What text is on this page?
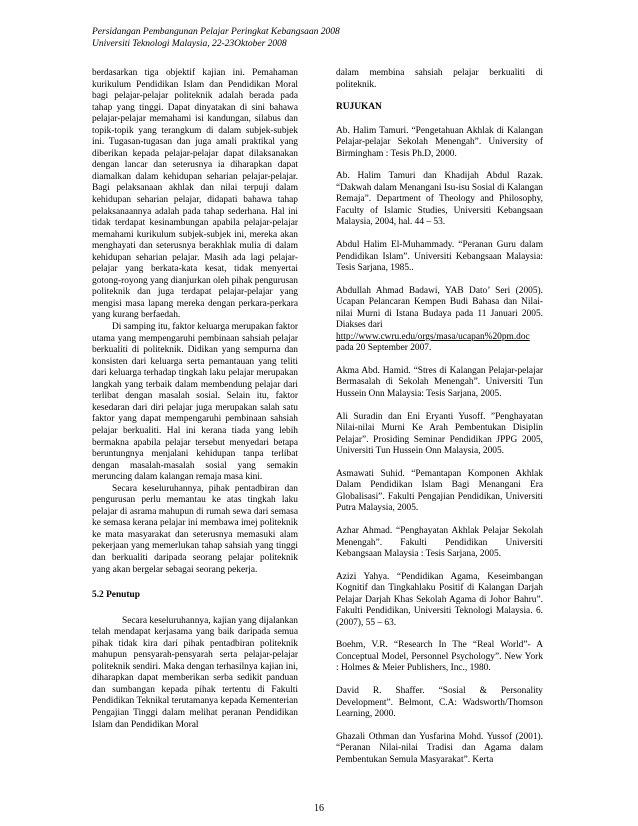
Persidangan Pembangunan Pelajar Peringkat Kebangsaan 2008
Universiti Teknologi Malaysia, 22-23Oktober 2008

berdasarkan tiga objektif kajian ini. Pemahaman kurikulum Pendidikan Islam dan Pendidikan Moral bagi pelajar-pelajar politeknik adalah berada pada tahap yang tinggi. Dapat dinyatakan di sini bahawa pelajar-pelajar memahami isi kandungan, silabus dan topik-topik yang terangkum di dalam subjek-subjek ini. Tugasan-tugasan dan juga amali praktikal yang diberikan kepada pelajar-pelajar dapat dilaksanakan dengan lancar dan seterusnya ia diharapkan dapat diamalkan dalam kehidupan seharian pelajar-pelajar. Bagi pelaksanaan akhlak dan nilai terpuji dalam kehidupan seharian pelajar, didapati bahawa tahap pelaksanaannya adalah pada tahap sederhana. Hal ini tidak terdapat kesinambungan apabila pelajar-pelajar memahami kurikulum subjek-subjek ini, mereka akan menghayati dan seterusnya berakhlak mulia di dalam kehidupan seharian pelajar. Masih ada lagi pelajar-pelajar yang berkata-kata kesat, tidak menyertai gotong-royong yang dianjurkan oleh pihak pengurusan politeknik dan juga terdapat pelajar-pelajar yang mengisi masa lapang mereka dengan perkara-perkara yang kurang berfaedah.

Di samping itu, faktor keluarga merupakan faktor utama yang mempengaruhi pembinaan sahsiah pelajar berkualiti di politeknik. Didikan yang sempurna dan konsisten dari keluarga serta pemantauan yang teliti dari keluarga terhadap tingkah laku pelajar merupakan langkah yang terbaik dalam membendung pelajar dari terlibat dengan masalah sosial. Selain itu, faktor kesedaran dari diri pelajar juga merupakan salah satu faktor yang dapat mempengaruhi pembinaan sahsiah pelajar berkualiti. Hal ini kerana tiada yang lebih bermakna apabila pelajar tersebut menyedari betapa beruntungnya menjalani kehidupan tanpa terlibat dengan masalah-masalah sosial yang semakin meruncing dalam kalangan remaja masa kini.

Secara keseluruhannya, pihak pentadbiran dan pengurusan perlu memantau ke atas tingkah laku pelajar di asrama mahupun di rumah sewa dari semasa ke semasa kerana pelajar ini membawa imej politeknik ke mata masyarakat dan seterusnya memasuki alam pekerjaan yang memerlukan tahap sahsiah yang tinggi dan berkualiti daripada seorang pelajar politeknik yang akan bergelar sebagai seorang pekerja.

5.2 Penutup

Secara keseluruhannya, kajian yang dijalankan telah mendapat kerjasama yang baik daripada semua pihak tidak kira dari pihak pentadbiran politeknik mahupun pensyarah-pensyarah serta pelajar-pelajar politeknik sendiri. Maka dengan terhasilnya kajian ini, diharapkan dapat memberikan serba sedikit panduan dan sumbangan kepada pihak tertentu di Fakulti Pendidikan Teknikal terutamanya kepada Kementerian Pengajian Tinggi dalam melihat peranan Pendidikan Islam dan Pendidikan Moral

dalam membina sahsiah pelajar berkualiti di politeknik.

RUJUKAN

Ab. Halim Tamuri. “Pengetahuan Akhlak di Kalangan Pelajar-pelajar Sekolah Menengah”. University of Birmingham : Tesis Ph.D, 2000.

Ab. Halim Tamuri dan Khadijah Abdul Razak. “Dakwah dalam Menangani Isu-isu Sosial di Kalangan Remaja”. Department of Theology and Philosophy, Faculty of Islamic Studies, Universiti Kebangsaan Malaysia, 2004, hal. 44 – 53.

Abdul Halim El-Muhammady. “Peranan Guru dalam Pendidikan Islam”. Universiti Kebangsaan Malaysia: Tesis Sarjana, 1985..

Abdullah Ahmad Badawi, YAB Dato’ Seri (2005). Ucapan Pelancaran Kempen Budi Bahasa dan Nilai-nilai Murni di Istana Budaya pada 11 Januari 2005. Diakses dari

http://www.cwru.edu/orgs/masa/ucapan%20pm.doc
pada 20 September 2007.

Akma Abd. Hamid. “Stres di Kalangan Pelajar-pelajar Bermasalah di Sekolah Menengah”. Universiti Tun Hussein Onn Malaysia: Tesis Sarjana, 2005.

Ali Suradin dan Eni Eryanti Yusoff. ”Penghayatan Nilai-nilai Murni Ke Arah Pembentukan Disiplin Pelajar”. Prosiding Seminar Pendidikan JPPG 2005, Universiti Tun Hussein Onn Malaysia, 2005.

Asmawati Suhid. “Pemantapan Komponen Akhlak Dalam Pendidikan Islam Bagi Menangani Era Globalisasi”. Fakulti Pengajian Pendidikan, Universiti Putra Malaysia, 2005.

Azhar Ahmad. “Penghayatan Akhlak Pelajar Sekolah Menengah”. Fakulti Pendidikan Universiti Kebangsaan Malaysia : Tesis Sarjana, 2005.

Azizi Yahya. “Pendidikan Agama, Keseimbangan Kognitif dan Tingkahlaku Positif di Kalangan Darjah Pelajar Darjah Khas Sekolah Agama di Johor Bahru”. Fakulti Pendidikan, Universiti Teknologi Malaysia. 6. (2007), 55 – 63.

Boehm, V.R. “Research In The “Real World”- A Conceptual Model, Personnel Psychology”. New York : Holmes & Meier Publishers, Inc., 1980.

David R. Shaffer. “Sosial & Personality Development”. Belmont, C.A: Wadsworth/Thomson Learning, 2000.

Ghazali Othman dan Yusfarina Mohd. Yussof (2001). “Peranan Nilai-nilai Tradisi dan Agama dalam Pembentukan Semula Masyarakat”. Kerta

16
